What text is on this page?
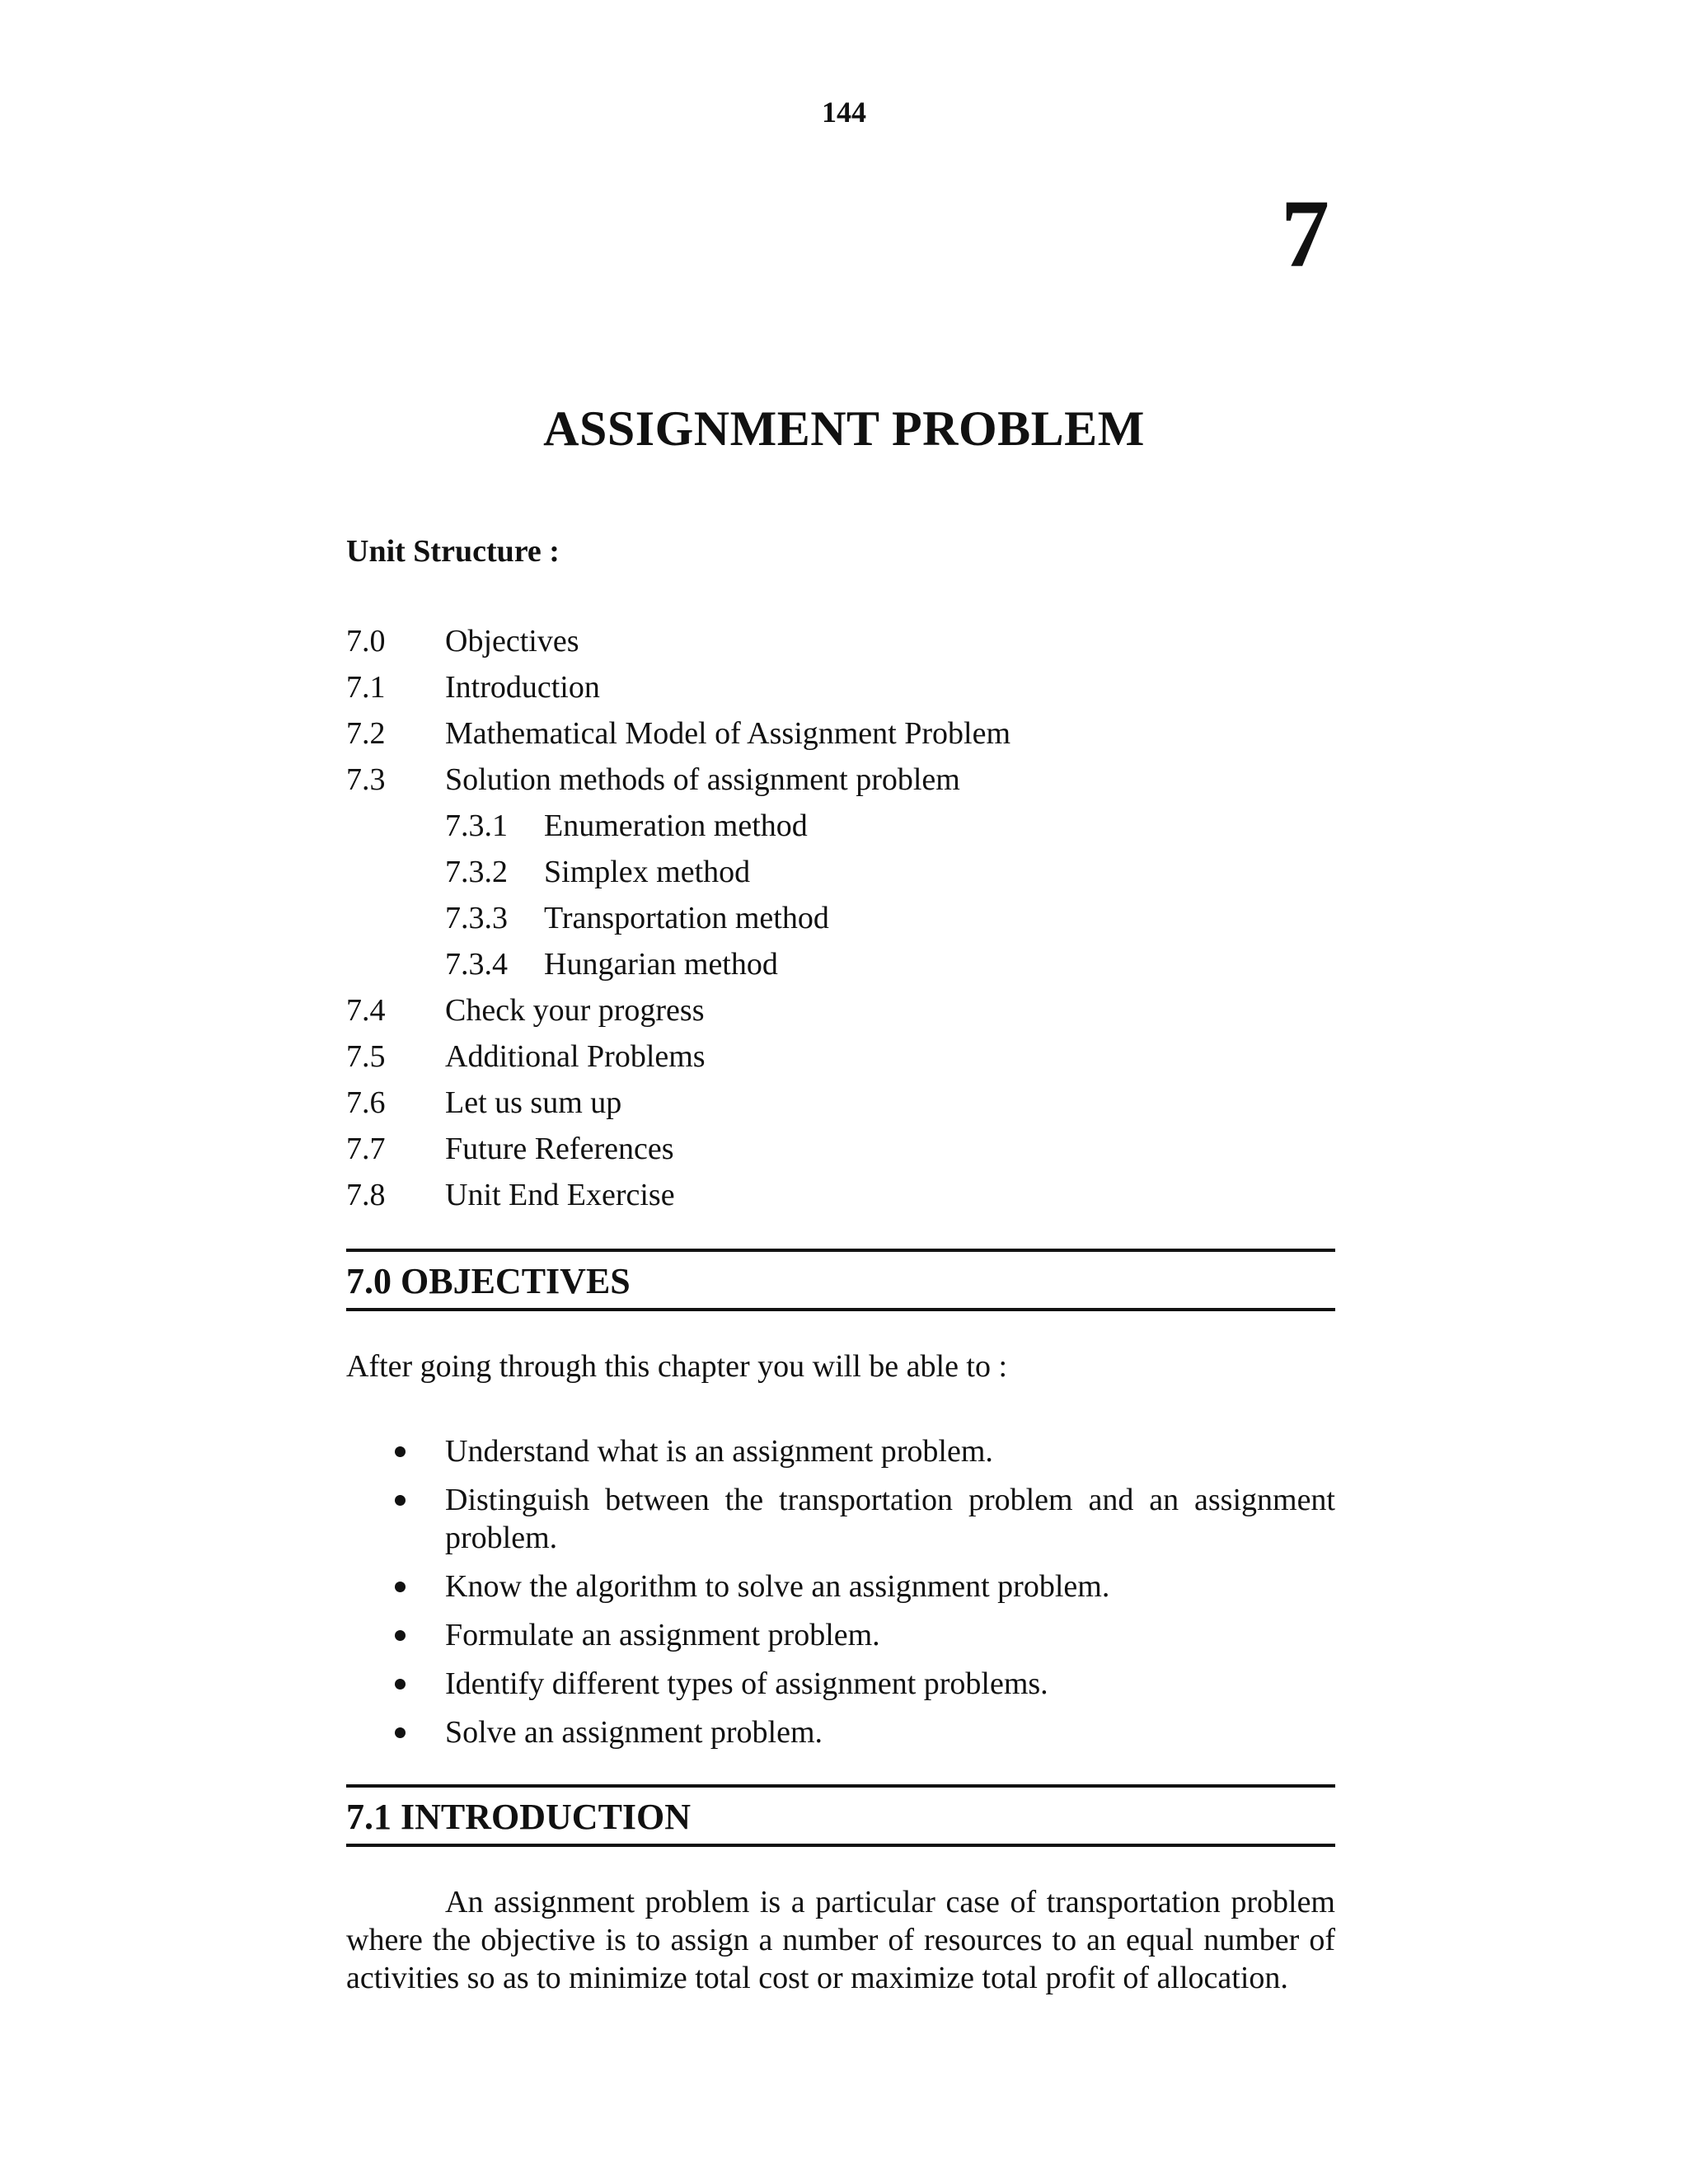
144
7
ASSIGNMENT PROBLEM
Unit Structure :
7.0	Objectives
7.1	Introduction
7.2	Mathematical Model of Assignment Problem
7.3	Solution methods of assignment problem
7.3.1	Enumeration method
7.3.2	Simplex method
7.3.3	Transportation method
7.3.4	Hungarian method
7.4	Check your progress
7.5	Additional Problems
7.6	Let us sum up
7.7	Future References
7.8	Unit End Exercise
7.0 OBJECTIVES

After going through this chapter you will be able to :

Understand what is an assignment problem.
Distinguish between the transportation problem and an assignment problem.
Know the algorithm to solve an assignment problem.
Formulate an assignment problem.
Identify different types of assignment problems.
Solve an assignment problem.
7.1 INTRODUCTION

An assignment problem is a particular case of transportation problem where the objective is to assign a number of resources to an equal number of activities so as to minimize total cost or maximize total profit of allocation.
